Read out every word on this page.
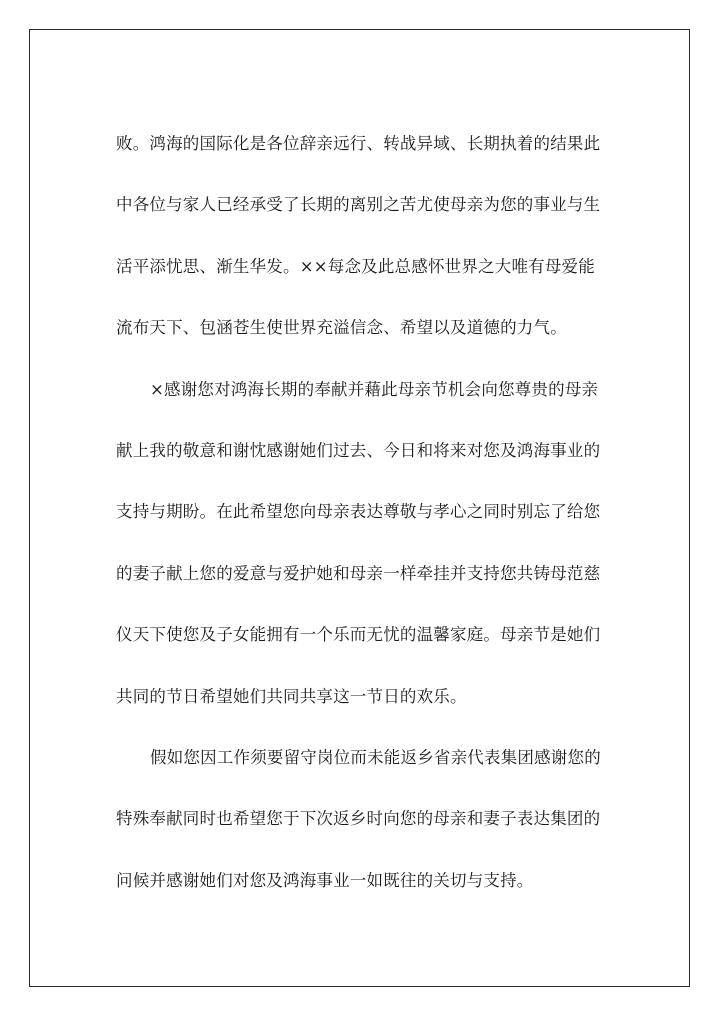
败。鸿海的国际化是各位辞亲远行、转战异域、长期执着的结果此
中各位与家人已经承受了长期的离别之苦尤使母亲为您的事业与生
活平添忧思、渐生华发。××每念及此总感怀世界之大唯有母爱能
流布天下、包涵苍生使世界充溢信念、希望以及道德的力气。
×感谢您对鸿海长期的奉献并藉此母亲节机会向您尊贵的母亲
献上我的敬意和谢忱感谢她们过去、今日和将来对您及鸿海事业的
支持与期盼。在此希望您向母亲表达尊敬与孝心之同时别忘了给您
的妻子献上您的爱意与爱护她和母亲一样牵挂并支持您共铸母范慈
仪天下使您及子女能拥有一个乐而无忧的温馨家庭。母亲节是她们
共同的节日希望她们共同共享这一节日的欢乐。
假如您因工作须要留守岗位而未能返乡省亲代表集团感谢您的
特殊奉献同时也希望您于下次返乡时向您的母亲和妻子表达集团的
问候并感谢她们对您及鸿海事业一如既往的关切与支持。
